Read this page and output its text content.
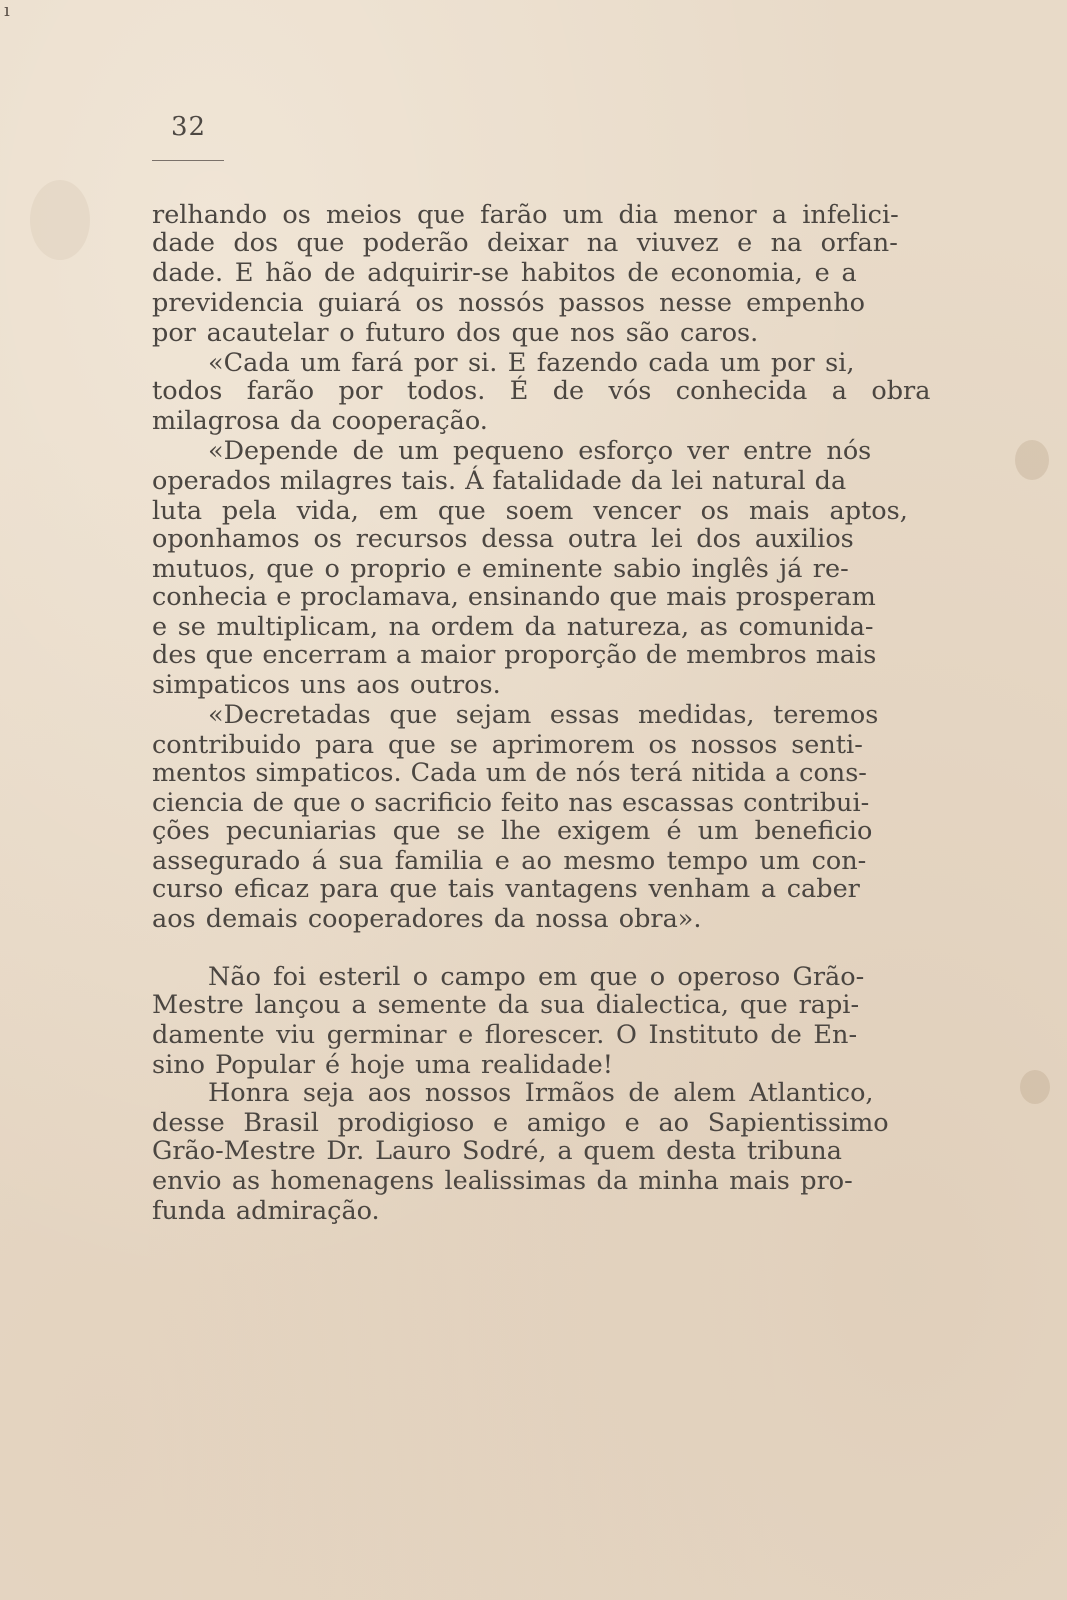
ı
32
relhando os meios que farão um dia menor a infelici-
dade dos que poderão deixar na viuvez e na orfan-
dade. E hão de adquirir-se habitos de economia, e a
previdencia guiará os nossós passos nesse empenho
por acautelar o futuro dos que nos são caros.
«Cada um fará por si. E fazendo cada um por si,
todos farão por todos. É de vós conhecida a obra
milagrosa da cooperação.
«Depende de um pequeno esforço ver entre nós
operados milagres tais. Á fatalidade da lei natural da
luta pela vida, em que soem vencer os mais aptos,
oponhamos os recursos dessa outra lei dos auxilios
mutuos, que o proprio e eminente sabio inglês já re-
conhecia e proclamava, ensinando que mais prosperam
e se multiplicam, na ordem da natureza, as comunida-
des que encerram a maior proporção de membros mais
simpaticos uns aos outros.
«Decretadas que sejam essas medidas, teremos
contribuido para que se aprimorem os nossos senti-
mentos simpaticos. Cada um de nós terá nitida a cons-
ciencia de que o sacrificio feito nas escassas contribui-
ções pecuniarias que se lhe exigem é um beneficio
assegurado á sua familia e ao mesmo tempo um con-
curso eficaz para que tais vantagens venham a caber
aos demais cooperadores da nossa obra».
Não foi esteril o campo em que o operoso Grão-
Mestre lançou a semente da sua dialectica, que rapi-
damente viu germinar e florescer. O Instituto de En-
sino Popular é hoje uma realidade!
Honra seja aos nossos Irmãos de alem Atlantico,
desse Brasil prodigioso e amigo e ao Sapientissimo
Grão-Mestre Dr. Lauro Sodré, a quem desta tribuna
envio as homenagens lealissimas da minha mais pro-
funda admiração.
